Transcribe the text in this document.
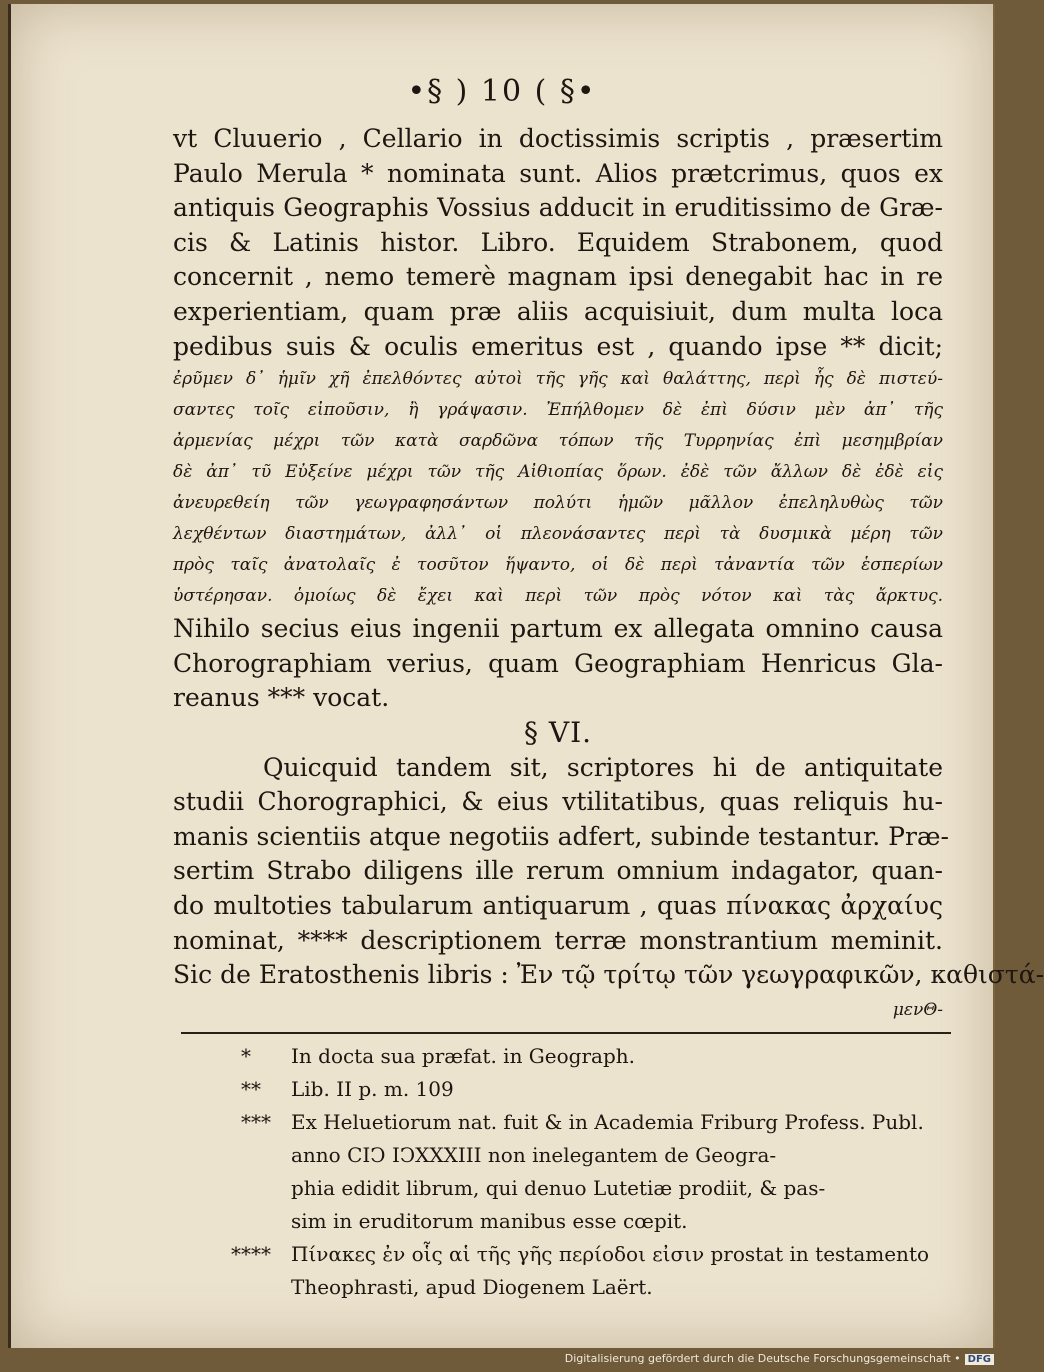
•§ ) 10 ( §•
vt Cluuerio , Cellario in doctissimis scriptis , præsertim
Paulo Merula * nominata sunt. Alios prætcrimus, quos ex
antiquis Geographis Vossius adducit in eruditissimo de Græ-
cis & Latinis histor. Libro. Equidem Strabonem, quod
concernit , nemo temerè magnam ipsi denegabit hac in re
experientiam, quam præ aliis acquisiuit, dum multa loca
pedibus suis & oculis emeritus est , quando ipse ** dicit;
ἐρῦμεν δ᾽ ἡμῖν χῆ ἐπελθόντες αὐτοὶ τῆς γῆς καὶ θαλάττης, περὶ ἧς δὲ πιστεύ-
σαντες τοῖς εἰποῦσιν, ἢ γράψασιν. Ἐπήλθομεν δὲ ἐπὶ δύσιν μὲν ἀπ᾽ τῆς
ἀρμενίας μέχρι τῶν κατὰ σαρδῶνα τόπων τῆς Τυρρηνίας ἐπὶ μεσημβρίαν
δὲ ἀπ᾽ τῦ Εὐξείνε μέχρι τῶν τῆς Αἰθιοπίας ὅρων. ἐδὲ τῶν ἄλλων δὲ ἐδὲ εἰς
ἀνευρεθείη τῶν γεωγραφησάντων πολύτι ἡμῶν μᾶλλον ἐπεληλυθὼς τῶν
λεχθέντων διαστημάτων, ἀλλ᾽ οἱ πλεονάσαντες περὶ τὰ δυσμικὰ μέρη τῶν
πρὸς ταῖς ἀνατολαῖς ἐ τοσῦτον ἥψαντο, οἱ δὲ περὶ τἀναντία τῶν ἑσπερίων
ὑστέρησαν. ὁμοίως δὲ ἔχει καὶ περὶ τῶν πρὸς νότον καὶ τὰς ἄρκτυς.
Nihilo secius eius ingenii partum ex allegata omnino causa
Chorographiam verius, quam Geographiam Henricus Gla-
reanus *** vocat.
§ VI.
Quicquid tandem sit, scriptores hi de antiquitate
studii Chorographici, & eius vtilitatibus, quas reliquis hu-
manis scientiis atque negotiis adfert, subinde testantur. Præ-
sertim Strabo diligens ille rerum omnium indagator, quan-
do multoties tabularum antiquarum , quas πίνακας ἀρχαίυς
nominat, **** descriptionem terræ monstrantium meminit.
Sic de Eratosthenis libris : Ἐν τῷ τρίτῳ τῶν γεωγραφικῶν, καθιστά-
μενΘ-
* In docta sua præfat. in Geograph.
** Lib. II p. m. 109
*** Ex Heluetiorum nat. fuit & in Academia Friburg Profess. Publ.
anno CIↃ IↃXXXIII non inelegantem de Geogra-
phia edidit librum, qui denuo Lutetiæ prodiit, & pas-
sim in eruditorum manibus esse cœpit.
**** Πίνακες ἐν οἷς αἱ τῆς γῆς περίοδοι εἰσιν prostat in testamento
Theophrasti, apud Diogenem Laërt.
Digitalisierung gefördert durch die Deutsche Forschungsgemeinschaft • DFG
